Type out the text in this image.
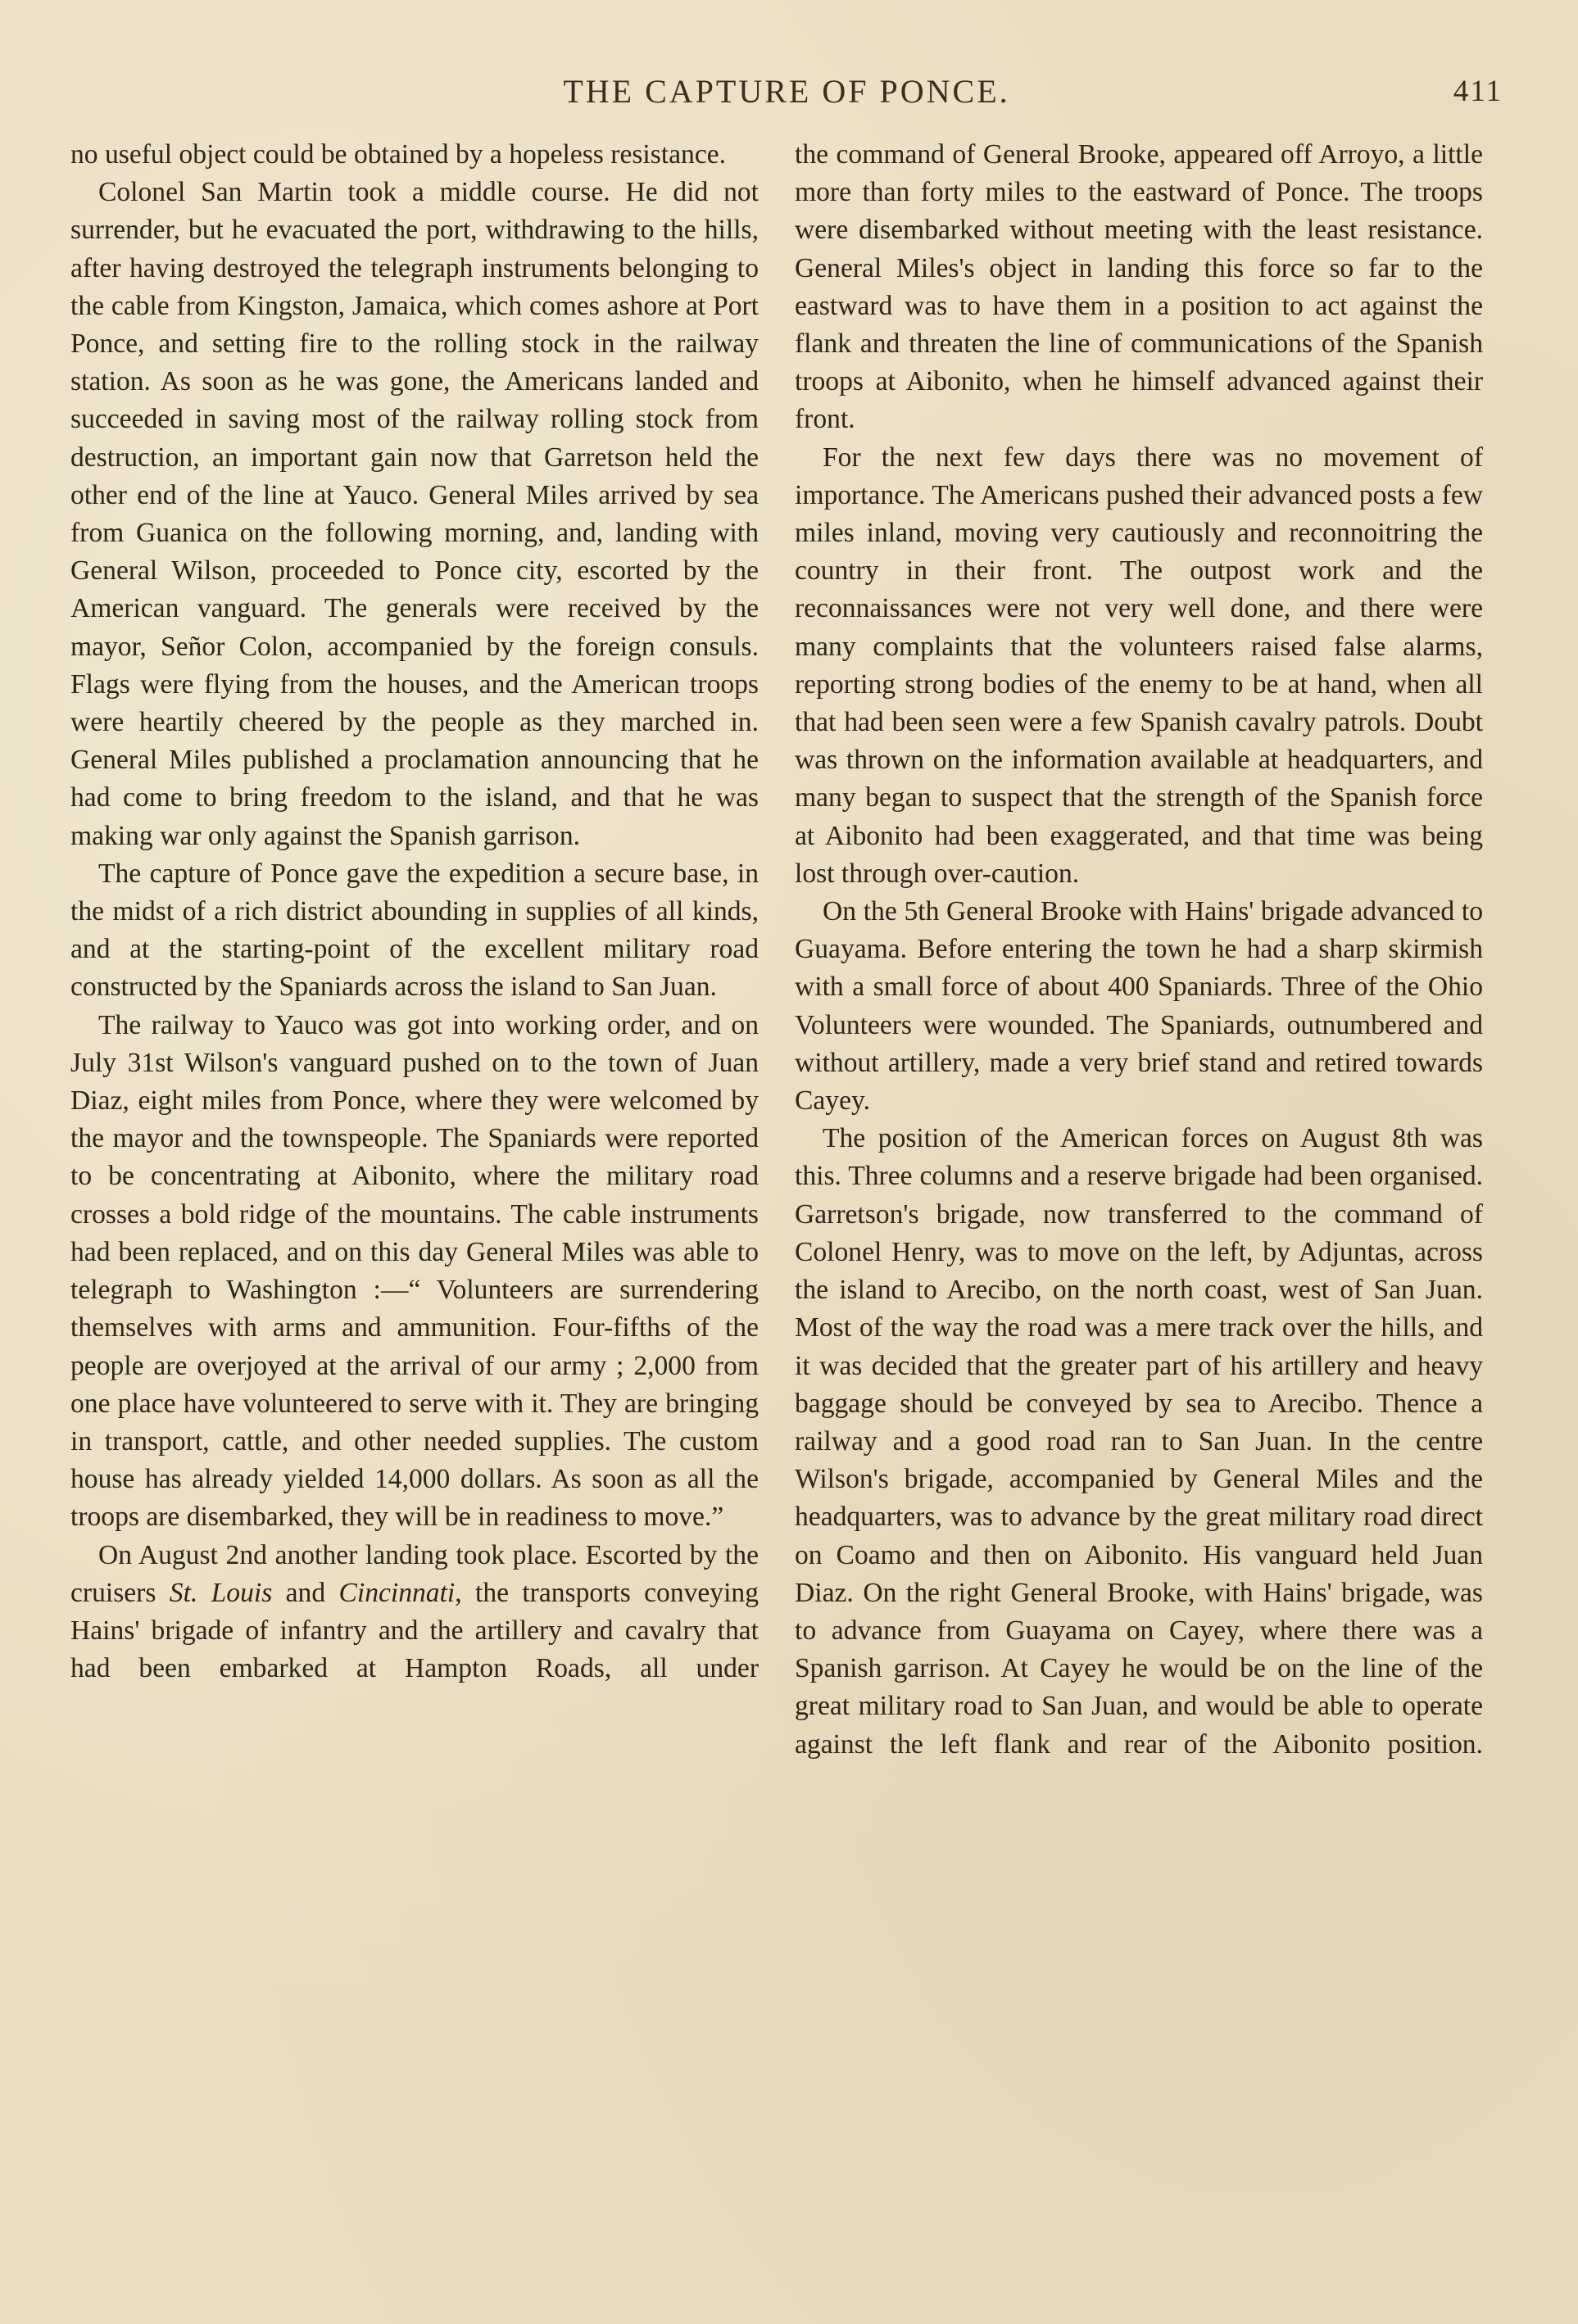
THE CAPTURE OF PONCE.	411

no useful object could be obtained by a hopeless resistance.

Colonel San Martin took a middle course. He did not surrender, but he evacuated the port, withdrawing to the hills, after having destroyed the telegraph instruments belonging to the cable from Kingston, Jamaica, which comes ashore at Port Ponce, and setting fire to the rolling stock in the railway station. As soon as he was gone, the Americans landed and succeeded in saving most of the railway rolling stock from destruction, an important gain now that Garretson held the other end of the line at Yauco. General Miles arrived by sea from Guanica on the following morning, and, landing with General Wilson, proceeded to Ponce city, escorted by the American vanguard. The generals were received by the mayor, Señor Colon, accompanied by the foreign consuls. Flags were flying from the houses, and the American troops were heartily cheered by the people as they marched in. General Miles published a proclamation announcing that he had come to bring freedom to the island, and that he was making war only against the Spanish garrison.

The capture of Ponce gave the expedition a secure base, in the midst of a rich district abounding in supplies of all kinds, and at the starting-point of the excellent military road constructed by the Spaniards across the island to San Juan.

The railway to Yauco was got into working order, and on July 31st Wilson's vanguard pushed on to the town of Juan Diaz, eight miles from Ponce, where they were welcomed by the mayor and the townspeople. The Spaniards were reported to be concentrating at Aibonito, where the military road crosses a bold ridge of the mountains. The cable instruments had been replaced, and on this day General Miles was able to telegraph to Washington :—“ Volunteers are surrendering themselves with arms and ammunition. Four-fifths of the people are overjoyed at the arrival of our army ; 2,000 from one place have volunteered to serve with it. They are bringing in transport, cattle, and other needed supplies. The custom house has already yielded 14,000 dollars. As soon as all the troops are disembarked, they will be in readiness to move.”

On August 2nd another landing took place. Escorted by the cruisers St. Louis and Cincinnati, the transports conveying Hains' brigade of infantry and the artillery and cavalry that had been embarked at Hampton Roads, all under

the command of General Brooke, appeared off Arroyo, a little more than forty miles to the eastward of Ponce. The troops were disembarked without meeting with the least resistance. General Miles's object in landing this force so far to the eastward was to have them in a position to act against the flank and threaten the line of communications of the Spanish troops at Aibonito, when he himself advanced against their front.

For the next few days there was no movement of importance. The Americans pushed their advanced posts a few miles inland, moving very cautiously and reconnoitring the country in their front. The outpost work and the reconnaissances were not very well done, and there were many complaints that the volunteers raised false alarms, reporting strong bodies of the enemy to be at hand, when all that had been seen were a few Spanish cavalry patrols. Doubt was thrown on the information available at headquarters, and many began to suspect that the strength of the Spanish force at Aibonito had been exaggerated, and that time was being lost through over-caution.

On the 5th General Brooke with Hains' brigade advanced to Guayama. Before entering the town he had a sharp skirmish with a small force of about 400 Spaniards. Three of the Ohio Volunteers were wounded. The Spaniards, outnumbered and without artillery, made a very brief stand and retired towards Cayey.

The position of the American forces on August 8th was this. Three columns and a reserve brigade had been organised. Garretson's brigade, now transferred to the command of Colonel Henry, was to move on the left, by Adjuntas, across the island to Arecibo, on the north coast, west of San Juan. Most of the way the road was a mere track over the hills, and it was decided that the greater part of his artillery and heavy baggage should be conveyed by sea to Arecibo. Thence a railway and a good road ran to San Juan. In the centre Wilson's brigade, accompanied by General Miles and the headquarters, was to advance by the great military road direct on Coamo and then on Aibonito. His vanguard held Juan Diaz. On the right General Brooke, with Hains' brigade, was to advance from Guayama on Cayey, where there was a Spanish garrison. At Cayey he would be on the line of the great military road to San Juan, and would be able to operate against the left flank and rear of the Aibonito position.
